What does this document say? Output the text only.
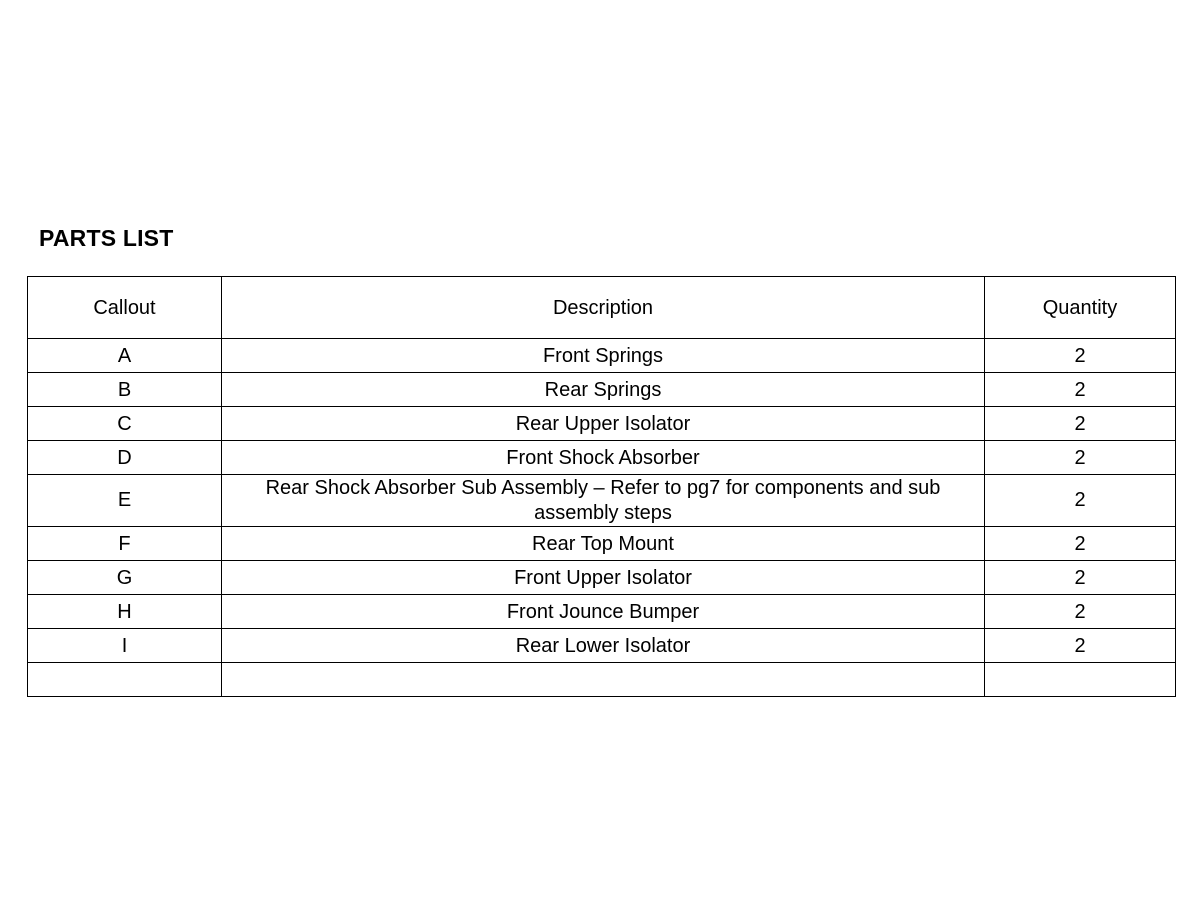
PARTS LIST
Callout	Description	Quantity
A	Front Springs	2
B	Rear Springs	2
C	Rear Upper Isolator	2
D	Front Shock Absorber	2
E	Rear Shock Absorber Sub Assembly – Refer to pg7 for components and sub assembly steps	2
F	Rear Top Mount	2
G	Front Upper Isolator	2
H	Front Jounce Bumper	2
I	Rear Lower Isolator	2
